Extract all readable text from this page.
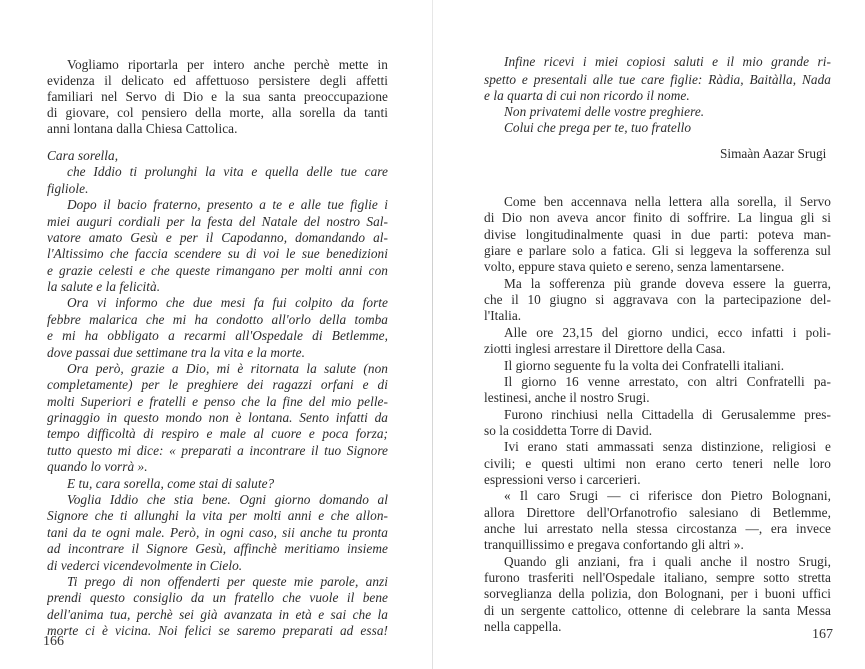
Vogliamo riportarla per intero anche perchè mette in
evidenza il delicato ed affettuoso persistere degli affetti
familiari nel Servo di Dio e la sua santa preoccupazione
di giovare, col pensiero della morte, alla sorella da tanti
anni lontana dalla Chiesa Cattolica.
Cara sorella,
che Iddio ti prolunghi la vita e quella delle tue care
figliole.
Dopo il bacio fraterno, presento a te e alle tue figlie i
miei auguri cordiali per la festa del Natale del nostro Sal-
vatore amato Gesù e per il Capodanno, domandando al-
l'Altissimo che faccia scendere su di voi le sue benedizioni
e grazie celesti e che queste rimangano per molti anni con
la salute e la felicità.
Ora vi informo che due mesi fa fui colpito da forte
febbre malarica che mi ha condotto all'orlo della tomba
e mi ha obbligato a recarmi all'Ospedale di Betlemme,
dove passai due settimane tra la vita e la morte.
Ora però, grazie a Dio, mi è ritornata la salute (non
completamente) per le preghiere dei ragazzi orfani e di
molti Superiori e fratelli e penso che la fine del mio pelle-
grinaggio in questo mondo non è lontana. Sento infatti da
tempo difficoltà di respiro e male al cuore e poca forza;
tutto questo mi dice: « preparati a incontrare il tuo Signore
quando lo vorrà ».
E tu, cara sorella, come stai di salute?
Voglia Iddio che stia bene. Ogni giorno domando al
Signore che ti allunghi la vita per molti anni e che allon-
tani da te ogni male. Però, in ogni caso, sii anche tu pronta
ad incontrare il Signore Gesù, affinchè meritiamo insieme
di vederci vicendevolmente in Cielo.
Ti prego di non offenderti per queste mie parole, anzi
prendi questo consiglio da un fratello che vuole il bene
dell'anima tua, perchè sei già avanzata in età e sai che la
morte ci è vicina. Noi felici se saremo preparati ad essa!
166
Infine ricevi i miei copiosi saluti e il mio grande ri-
spetto e presentali alle tue care figlie: Ràdia, Baitàlla, Nada
e la quarta di cui non ricordo il nome.
Non privatemi delle vostre preghiere.
Colui che prega per te, tuo fratello
Simaàn Aazar Srugi
Come ben accennava nella lettera alla sorella, il Servo
di Dio non aveva ancor finito di soffrire. La lingua gli si
divise longitudinalmente quasi in due parti: poteva man-
giare e parlare solo a fatica. Gli si leggeva la sofferenza sul
volto, eppure stava quieto e sereno, senza lamentarsene.
Ma la sofferenza più grande doveva essere la guerra,
che il 10 giugno si aggravava con la partecipazione del-
l'Italia.
Alle ore 23,15 del giorno undici, ecco infatti i poli-
ziotti inglesi arrestare il Direttore della Casa.
Il giorno seguente fu la volta dei Confratelli italiani.
Il giorno 16 venne arrestato, con altri Confratelli pa-
lestinesi, anche il nostro Srugi.
Furono rinchiusi nella Cittadella di Gerusalemme pres-
so la cosiddetta Torre di David.
Ivi erano stati ammassati senza distinzione, religiosi e
civili; e questi ultimi non erano certo teneri nelle loro
espressioni verso i carcerieri.
« Il caro Srugi — ci riferisce don Pietro Bolognani,
allora Direttore dell'Orfanotrofio salesiano di Betlemme,
anche lui arrestato nella stessa circostanza —, era invece
tranquillissimo e pregava confortando gli altri ».
Quando gli anziani, fra i quali anche il nostro Srugi,
furono trasferiti nell'Ospedale italiano, sempre sotto stretta
sorveglianza della polizia, don Bolognani, per i buoni uffici
di un sergente cattolico, ottenne di celebrare la santa Messa
nella cappella.
167
